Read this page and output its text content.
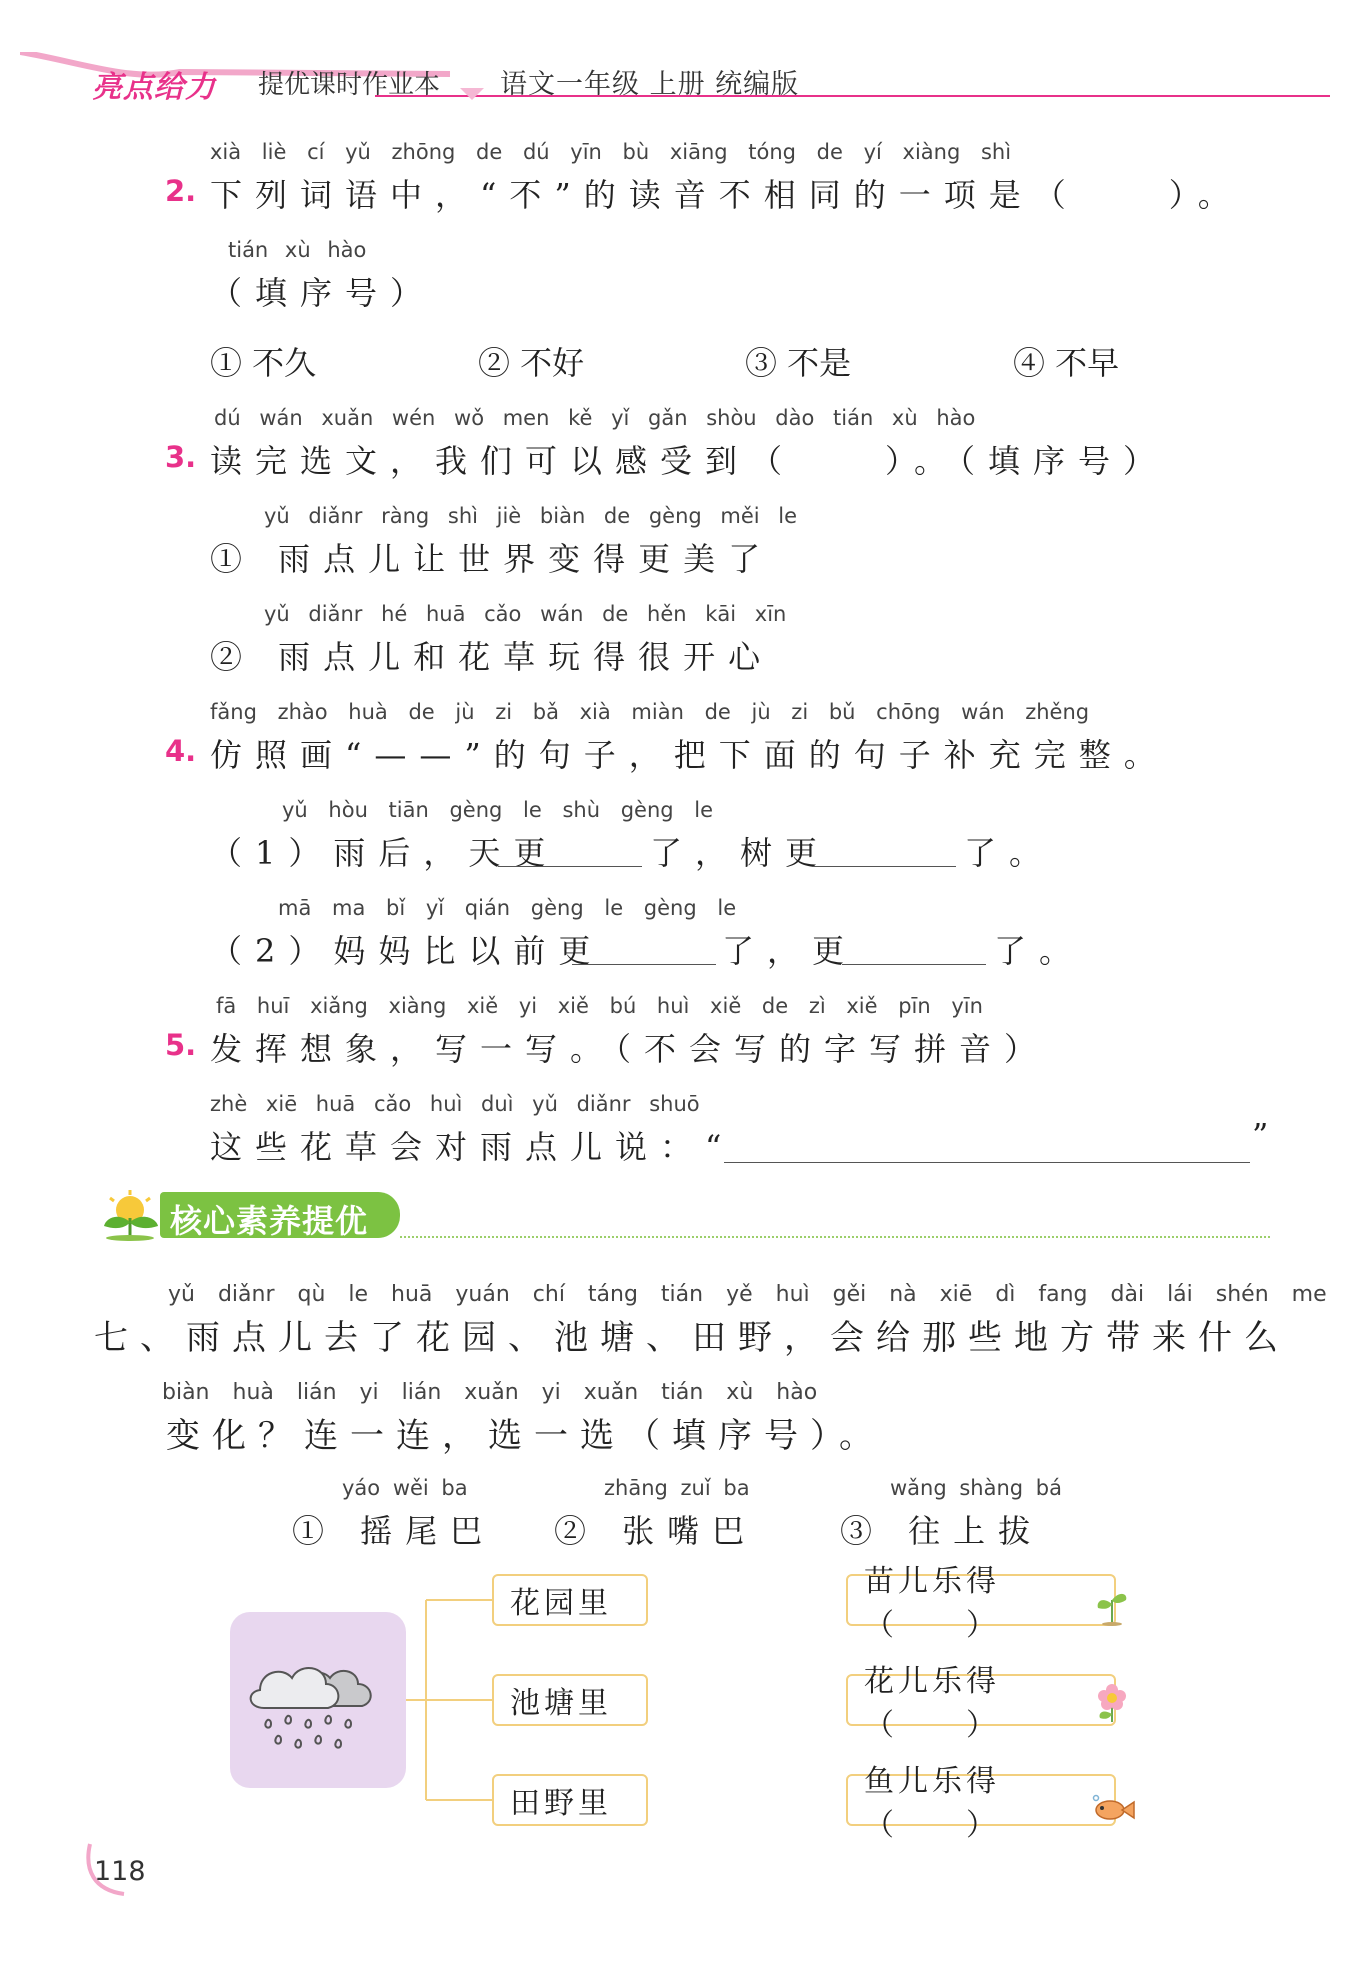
亮点给力 提优课时作业本 语文一年级 上册 统编版
xià liè cí yǔ zhōng de dú yīn bù xiāng tóng de yí xiàng shì
2. 下列词语中，“不”的读音不相同的一项是（　　）。
tián xù hào
（填序号）
① 不久	② 不好	③ 不是	④ 不早
dú wán xuǎn wén wǒ men kě yǐ gǎn shòu dào tián xù hào
3. 读完选文，我们可以感受到（　　）。（填序号）
yǔ diǎnr ràng shì jiè biàn de gèng měi le
① 雨点儿让世界变得更美了
yǔ diǎnr hé huā cǎo wán de hěn kāi xīn
② 雨点儿和花草玩得很开心
fǎng zhào huà de jù zi bǎ xià miàn de jù zi bǔ chōng wán zhěng
4. 仿照画“——”的句子，把下面的句子补充完整。
yǔ hòu tiān gèng le shù gèng le
（1）雨后，天更	了，树更	了。
mā ma bǐ yǐ qián gèng le gèng le
（2）妈妈比以前更	了，更	了。
fā huī xiǎng xiàng xiě yi xiě bú huì xiě de zì xiě pīn yīn
5. 发挥想象，写一写。（不会写的字写拼音）
zhè xiē huā cǎo huì duì yǔ diǎnr shuō
这些花草会对雨点儿说：“	”
核心素养提优
yǔ diǎnr qù le huā yuán chí táng tián yě huì gěi nà xiē dì fang dài lái shén me
七、雨点儿去了花园、池塘、田野，会给那些地方带来什么
biàn huà lián yi lián xuǎn yi xuǎn tián xù hào
变化？连一连，选一选（填序号）。
yáo wěi ba
① 摇尾巴
zhāng zuǐ ba
② 张嘴巴
wǎng shàng bá
③ 往上拔
花园里
池塘里
田野里
苗儿乐得（　　）
花儿乐得（　　）
鱼儿乐得（　　）
118
